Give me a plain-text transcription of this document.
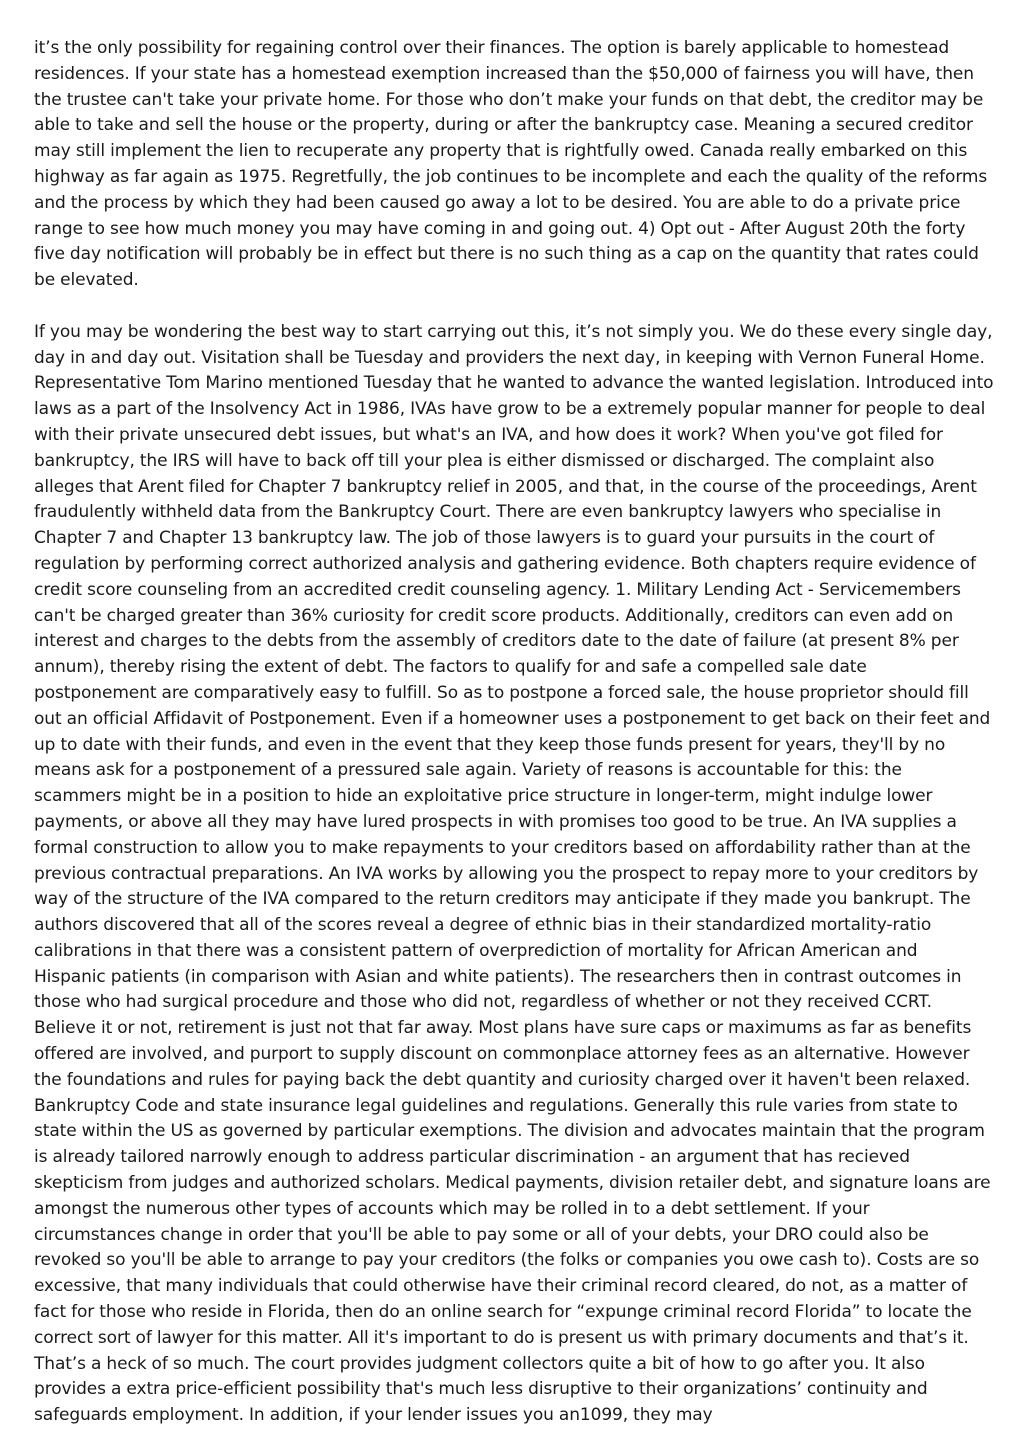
it’s the only possibility for regaining control over their finances. The option is barely applicable to homestead residences. If your state has a homestead exemption increased than the $50,000 of fairness you will have, then the trustee can't take your private home. For those who don’t make your funds on that debt, the creditor may be able to take and sell the house or the property, during or after the bankruptcy case. Meaning a secured creditor may still implement the lien to recuperate any property that is rightfully owed. Canada really embarked on this highway as far again as 1975. Regretfully, the job continues to be incomplete and each the quality of the reforms and the process by which they had been caused go away a lot to be desired. You are able to do a private price range to see how much money you may have coming in and going out. 4) Opt out - After August 20th the forty five day notification will probably be in effect but there is no such thing as a cap on the quantity that rates could be elevated.

If you may be wondering the best way to start carrying out this, it’s not simply you. We do these every single day, day in and day out. Visitation shall be Tuesday and providers the next day, in keeping with Vernon Funeral Home. Representative Tom Marino mentioned Tuesday that he wanted to advance the wanted legislation. Introduced into laws as a part of the Insolvency Act in 1986, IVAs have grow to be a extremely popular manner for people to deal with their private unsecured debt issues, but what's an IVA, and how does it work? When you've got filed for bankruptcy, the IRS will have to back off till your plea is either dismissed or discharged. The complaint also alleges that Arent filed for Chapter 7 bankruptcy relief in 2005, and that, in the course of the proceedings, Arent fraudulently withheld data from the Bankruptcy Court. There are even bankruptcy lawyers who specialise in Chapter 7 and Chapter 13 bankruptcy law. The job of those lawyers is to guard your pursuits in the court of regulation by performing correct authorized analysis and gathering evidence. Both chapters require evidence of credit score counseling from an accredited credit counseling agency. 1. Military Lending Act - Servicemembers can't be charged greater than 36% curiosity for credit score products. Additionally, creditors can even add on interest and charges to the debts from the assembly of creditors date to the date of failure (at present 8% per annum), thereby rising the extent of debt. The factors to qualify for and safe a compelled sale date postponement are comparatively easy to fulfill. So as to postpone a forced sale, the house proprietor should fill out an official Affidavit of Postponement. Even if a homeowner uses a postponement to get back on their feet and up to date with their funds, and even in the event that they keep those funds present for years, they'll by no means ask for a postponement of a pressured sale again. Variety of reasons is accountable for this: the scammers might be in a position to hide an exploitative price structure in longer-term, might indulge lower payments, or above all they may have lured prospects in with promises too good to be true. An IVA supplies a formal construction to allow you to make repayments to your creditors based on affordability rather than at the previous contractual preparations. An IVA works by allowing you the prospect to repay more to your creditors by way of the structure of the IVA compared to the return creditors may anticipate if they made you bankrupt. The authors discovered that all of the scores reveal a degree of ethnic bias in their standardized mortality-ratio calibrations in that there was a consistent pattern of overprediction of mortality for African American and Hispanic patients (in comparison with Asian and white patients). The researchers then in contrast outcomes in those who had surgical procedure and those who did not, regardless of whether or not they received CCRT. Believe it or not, retirement is just not that far away. Most plans have sure caps or maximums as far as benefits offered are involved, and purport to supply discount on commonplace attorney fees as an alternative. However the foundations and rules for paying back the debt quantity and curiosity charged over it haven't been relaxed. Bankruptcy Code and state insurance legal guidelines and regulations. Generally this rule varies from state to state within the US as governed by particular exemptions. The division and advocates maintain that the program is already tailored narrowly enough to address particular discrimination - an argument that has recieved skepticism from judges and authorized scholars. Medical payments, division retailer debt, and signature loans are amongst the numerous other types of accounts which may be rolled in to a debt settlement. If your circumstances change in order that you'll be able to pay some or all of your debts, your DRO could also be revoked so you'll be able to arrange to pay your creditors (the folks or companies you owe cash to). Costs are so excessive, that many individuals that could otherwise have their criminal record cleared, do not, as a matter of fact for those who reside in Florida, then do an online search for “expunge criminal record Florida” to locate the correct sort of lawyer for this matter. All it's important to do is present us with primary documents and that’s it. That’s a heck of so much. The court provides judgment collectors quite a bit of how to go after you. It also provides a extra price-efficient possibility that's much less disruptive to their organizations’ continuity and safeguards employment. In addition, if your lender issues you an1099, they may
